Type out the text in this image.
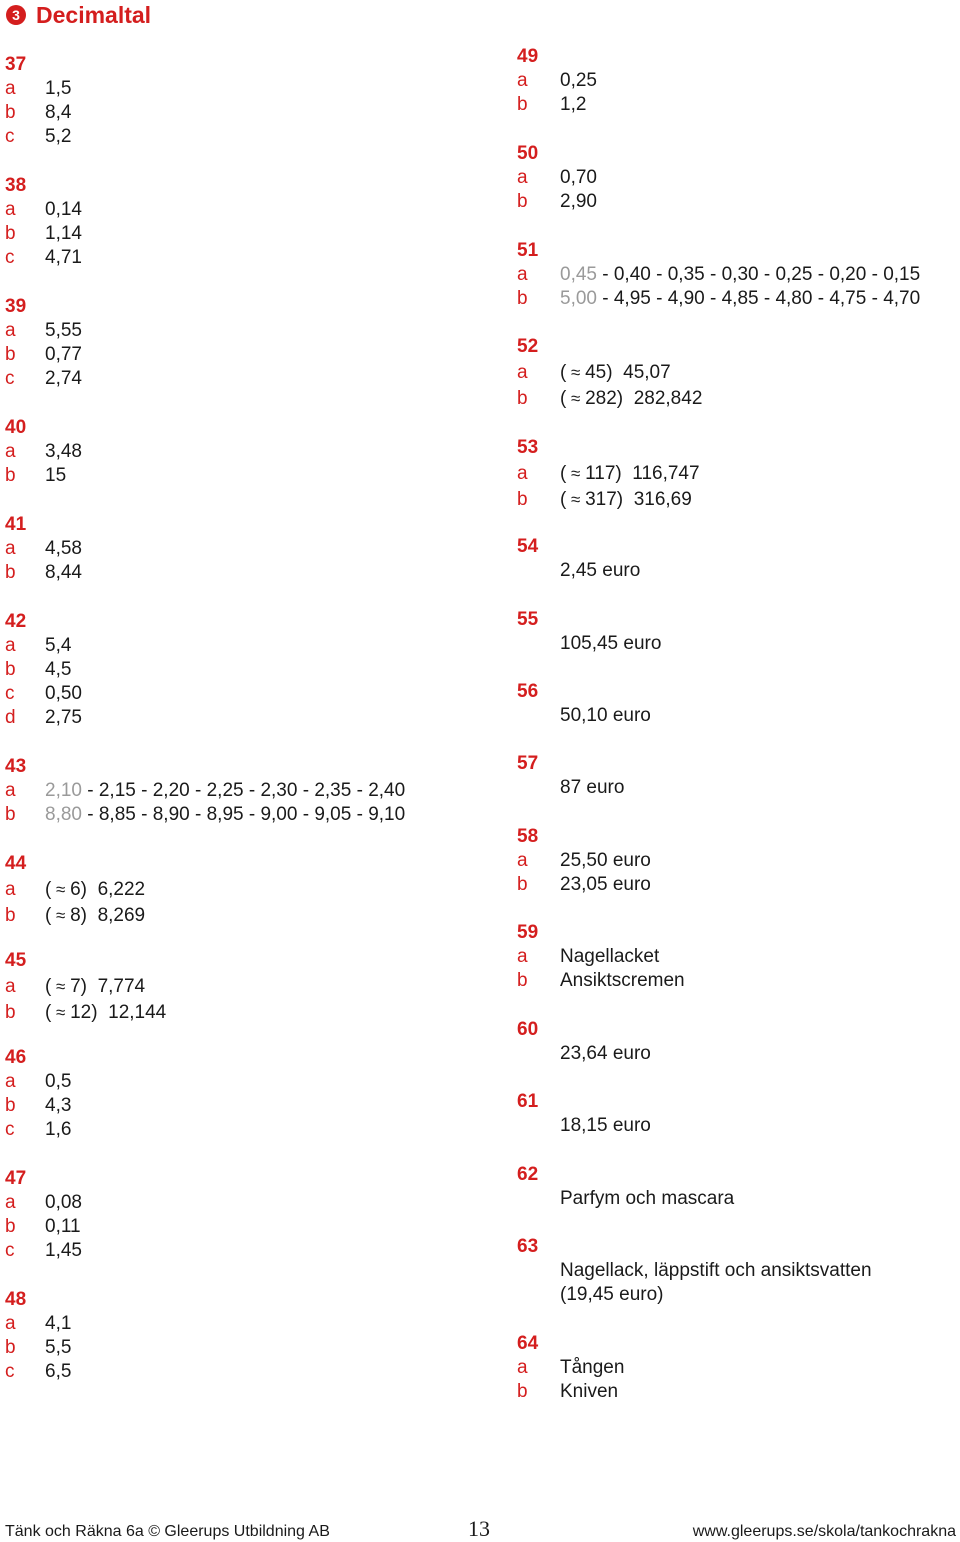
3 Decimaltal
37
a 1,5
b 8,4
c 5,2
38
a 0,14
b 1,14
c 4,71
39
a 5,55
b 0,77
c 2,74
40
a 3,48
b 15
41
a 4,58
b 8,44
42
a 5,4
b 4,5
c 0,50
d 2,75
43
a 2,10 - 2,15 - 2,20 - 2,25 - 2,30 - 2,35 - 2,40
b 8,80 - 8,85 - 8,90 - 8,95 - 9,00 - 9,05 - 9,10
44
a ( ≈ 6) 6,222
b ( ≈ 8) 8,269
45
a ( ≈ 7) 7,774
b ( ≈ 12) 12,144
46
a 0,5
b 4,3
c 1,6
47
a 0,08
b 0,11
c 1,45
48
a 4,1
b 5,5
c 6,5
49
a 0,25
b 1,2
50
a 0,70
b 2,90
51
a 0,45 - 0,40 - 0,35 - 0,30 - 0,25 - 0,20 - 0,15
b 5,00 - 4,95 - 4,90 - 4,85 - 4,80 - 4,75 - 4,70
52
a ( ≈ 45) 45,07
b ( ≈ 282) 282,842
53
a ( ≈ 117) 116,747
b ( ≈ 317) 316,69
54
2,45 euro
55
105,45 euro
56
50,10 euro
57
87 euro
58
a 25,50 euro
b 23,05 euro
59
a Nagellacket
b Ansiktscremen
60
23,64 euro
61
18,15 euro
62
Parfym och mascara
63
Nagellack, läppstift och ansiktsvatten
(19,45 euro)
64
a Tången
b Kniven
Tänk och Räkna 6a © Gleerups Utbildning AB	13	www.gleerups.se/skola/tankochrakna
